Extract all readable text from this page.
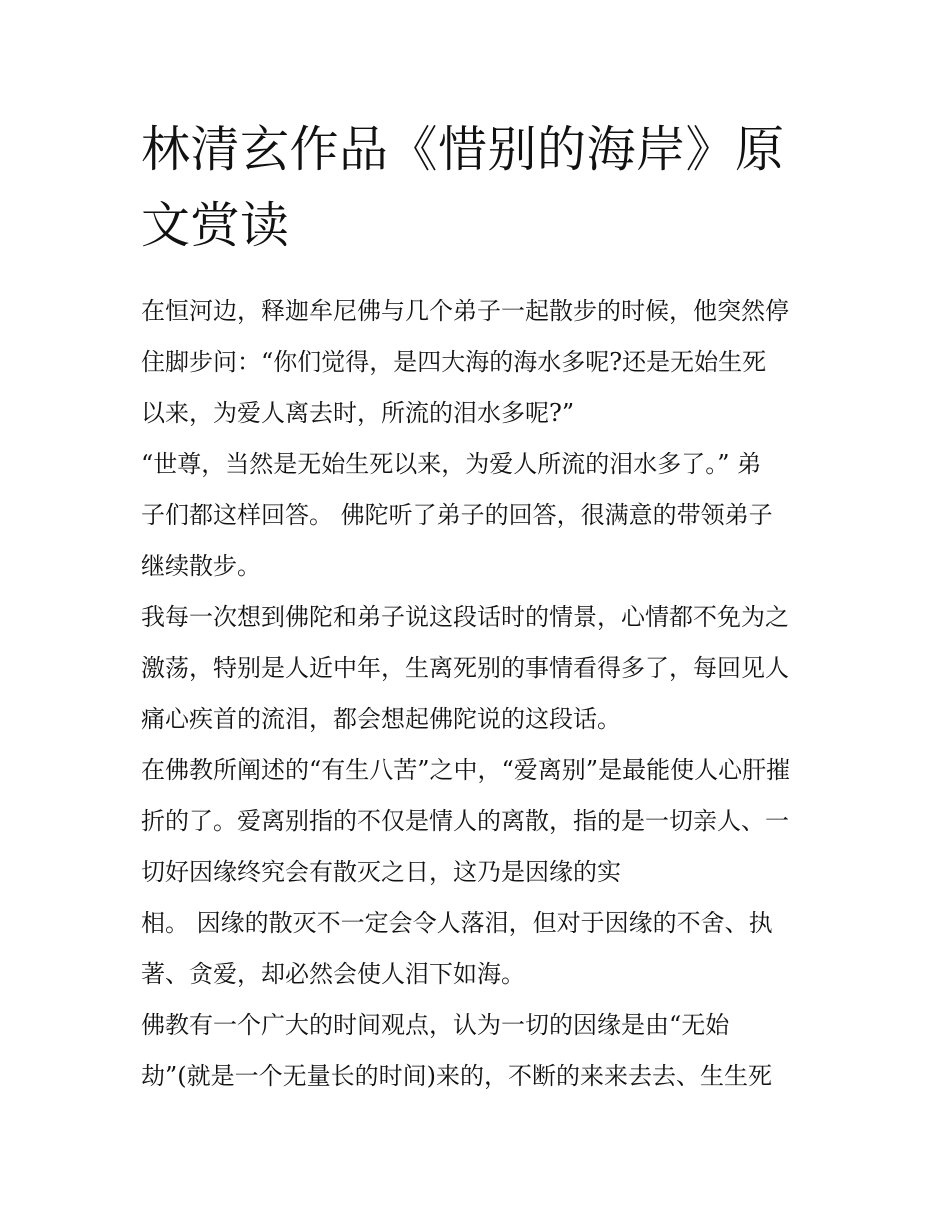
林清玄作品《惜别的海岸》原
文赏读
在恒河边，释迦牟尼佛与几个弟子一起散步的时候，他突然停
住脚步问：“你们觉得，是四大海的海水多呢?还是无始生死
以来，为爱人离去时，所流的泪水多呢?”
“世尊，当然是无始生死以来，为爱人所流的泪水多了。” 弟
子们都这样回答。 佛陀听了弟子的回答，很满意的带领弟子
继续散步。
我每一次想到佛陀和弟子说这段话时的情景，心情都不免为之
激荡，特别是人近中年，生离死别的事情看得多了，每回见人
痛心疾首的流泪，都会想起佛陀说的这段话。
在佛教所阐述的“有生八苦”之中，“爱离别”是最能使人心肝摧
折的了。爱离别指的不仅是情人的离散，指的是一切亲人、一
切好因缘终究会有散灭之日，这乃是因缘的实
相。 因缘的散灭不一定会令人落泪，但对于因缘的不舍、执
著、贪爱，却必然会使人泪下如海。
佛教有一个广大的时间观点，认为一切的因缘是由“无始
劫”(就是一个无量长的时间)来的，不断的来来去去、生生死
